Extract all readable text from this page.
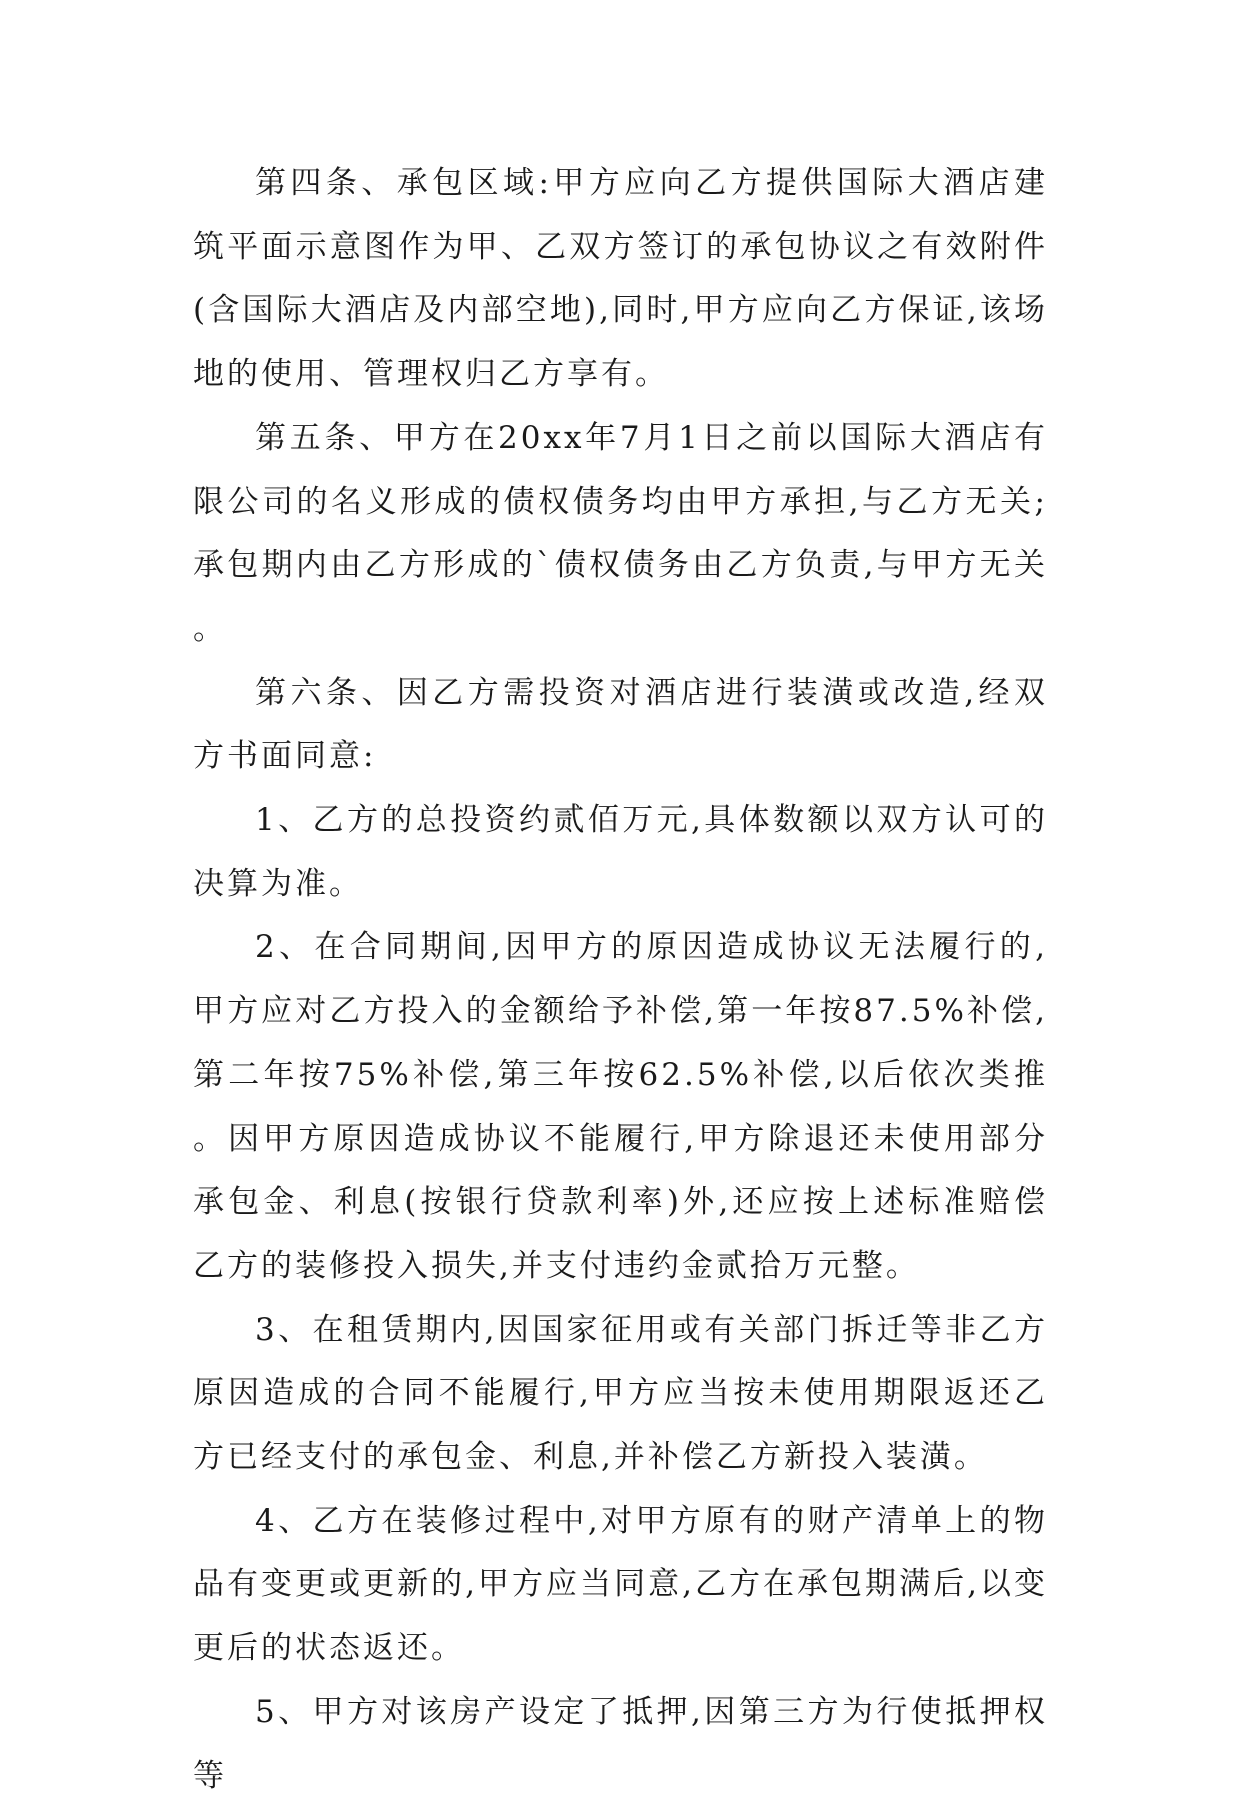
第四条、承包区域:甲方应向乙方提供国际大酒店建筑平面示意图作为甲、乙双方签订的承包协议之有效附件(含国际大酒店及内部空地),同时,甲方应向乙方保证,该场地的使用、管理权归乙方享有。

第五条、甲方在20xx年7月1日之前以国际大酒店有限公司的名义形成的债权债务均由甲方承担,与乙方无关;承包期内由乙方形成的`债权债务由乙方负责,与甲方无关。

第六条、因乙方需投资对酒店进行装潢或改造,经双方书面同意:

1、乙方的总投资约贰佰万元,具体数额以双方认可的决算为准。

2、在合同期间,因甲方的原因造成协议无法履行的,甲方应对乙方投入的金额给予补偿,第一年按87.5%补偿,第二年按75%补偿,第三年按62.5%补偿,以后依次类推。因甲方原因造成协议不能履行,甲方除退还未使用部分承包金、利息(按银行贷款利率)外,还应按上述标准赔偿乙方的装修投入损失,并支付违约金贰拾万元整。

3、在租赁期内,因国家征用或有关部门拆迁等非乙方原因造成的合同不能履行,甲方应当按未使用期限返还乙方已经支付的承包金、利息,并补偿乙方新投入装潢。

4、乙方在装修过程中,对甲方原有的财产清单上的物品有变更或更新的,甲方应当同意,乙方在承包期满后,以变更后的状态返还。

5、甲方对该房产设定了抵押,因第三方为行使抵押权等
